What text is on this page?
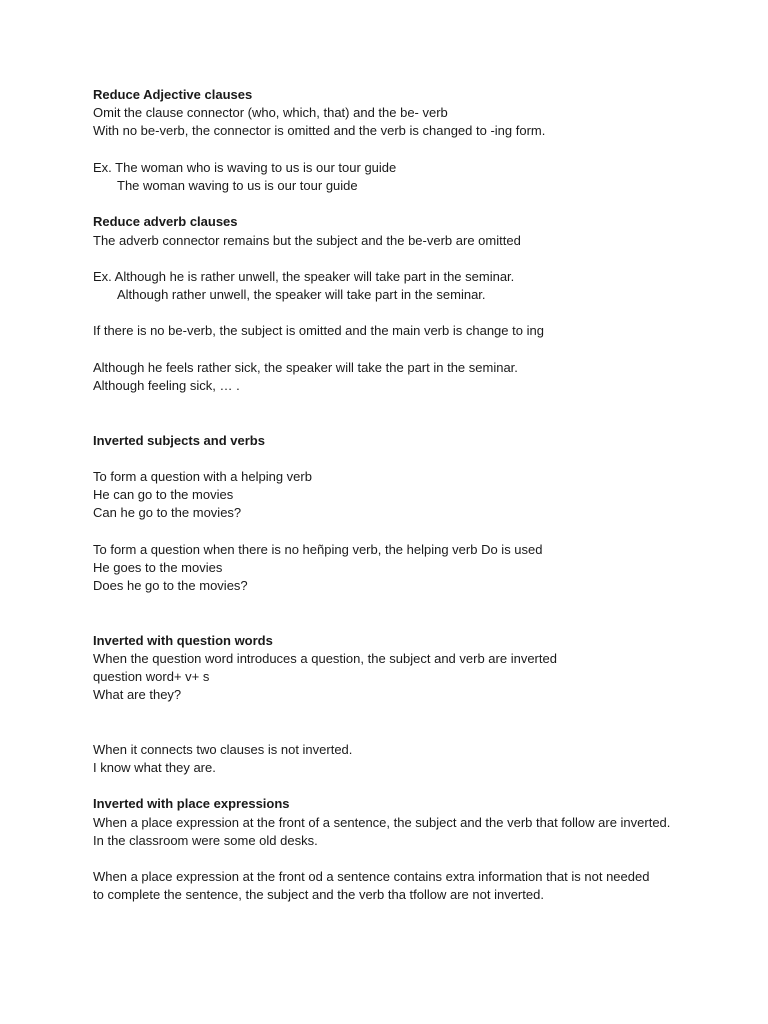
Reduce Adjective clauses
Omit the clause connector (who, which, that) and the be- verb
With no be-verb, the connector is omitted and the verb is changed to -ing form.
Ex. The woman who is waving to us is our tour guide
The woman waving to us is our tour guide
Reduce adverb clauses
The adverb connector remains but the subject and the be-verb are omitted
Ex. Although he is rather unwell, the speaker will take part in the seminar.
Although rather unwell, the speaker will take part in the seminar.
If there is no be-verb, the subject is omitted and the main verb is change to ing
Although he feels rather sick, the speaker will take the part in the seminar.
Although feeling sick, … .
Inverted subjects and verbs
To form a question with a helping verb
He can go to the movies
Can he go to the movies?
To form a question when there is no heñping verb, the helping verb Do is used
He goes to the movies
Does he go to the movies?
Inverted with question words
When the question word introduces a question, the subject and verb are inverted
question word+ v+ s
What are they?
When it connects two clauses is not inverted.
I know what they are.
Inverted with place expressions
When a place expression at the front of a sentence, the subject and the verb that follow are inverted.
In the classroom were some old desks.
When a place expression at the front od a sentence contains extra information that is not needed to complete the sentence, the subject and the verb tha tfollow are not inverted.
